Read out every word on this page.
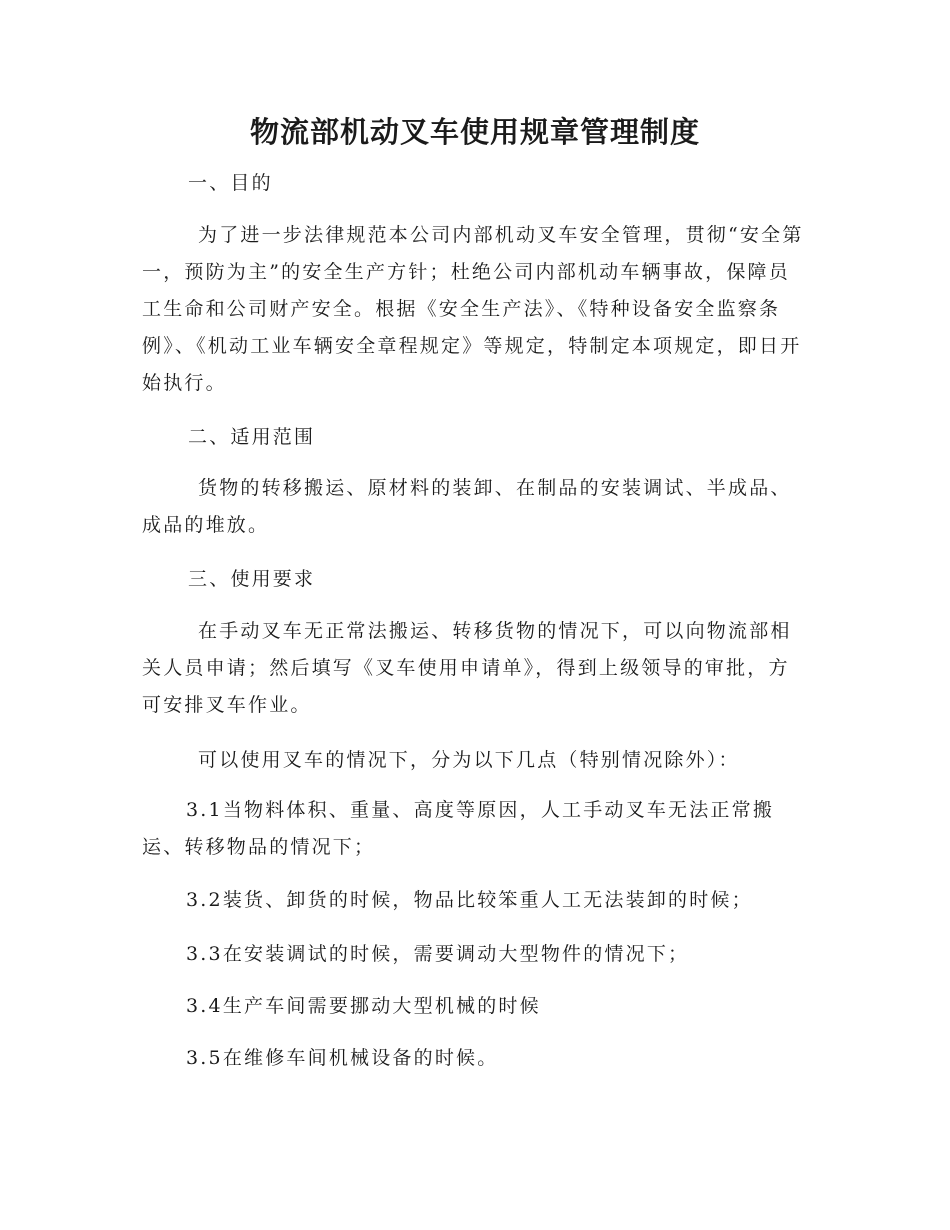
物流部机动叉车使用规章管理制度
一、目的
为了进一步法律规范本公司内部机动叉车安全管理，贯彻“安全第一，预防为主”的安全生产方针；杜绝公司内部机动车辆事故，保障员工生命和公司财产安全。根据《安全生产法》、《特种设备安全监察条例》、《机动工业车辆安全章程规定》等规定，特制定本项规定，即日开始执行。
二、适用范围
货物的转移搬运、原材料的装卸、在制品的安装调试、半成品、成品的堆放。
三、使用要求
在手动叉车无正常法搬运、转移货物的情况下，可以向物流部相关人员申请；然后填写《叉车使用申请单》，得到上级领导的审批，方可安排叉车作业。
可以使用叉车的情况下，分为以下几点（特别情况除外）：
3.1当物料体积、重量、高度等原因，人工手动叉车无法正常搬运、转移物品的情况下；
3.2装货、卸货的时候，物品比较笨重人工无法装卸的时候；
3.3在安装调试的时候，需要调动大型物件的情况下；
3.4生产车间需要挪动大型机械的时候
3.5在维修车间机械设备的时候。
